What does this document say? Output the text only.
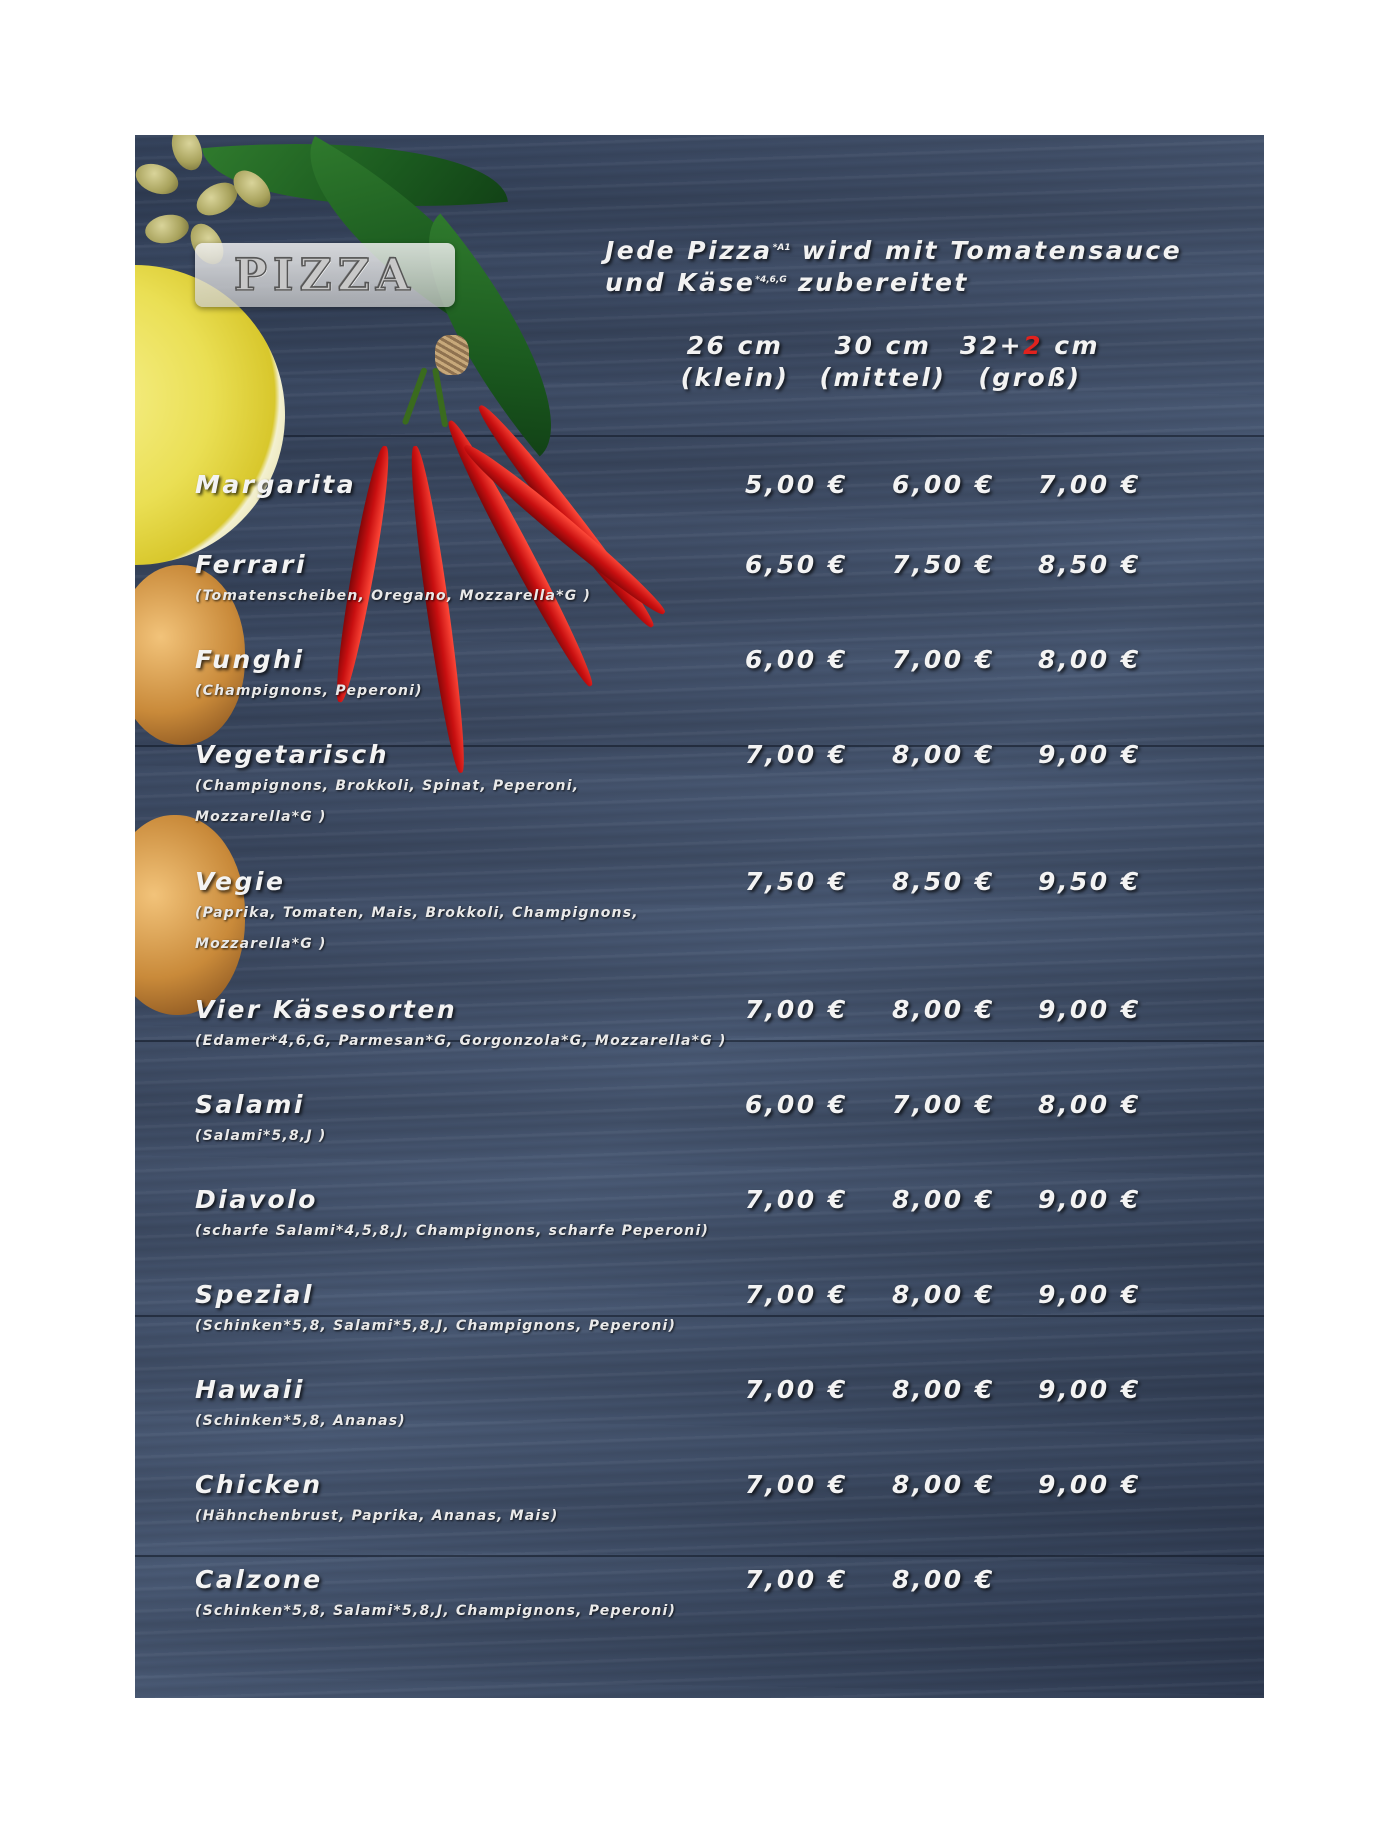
PIZZA	Jede Pizza$^{*A1}$ wird mit Tomatensauce
und Käse$^{*4,6,G}$ zubereitet
26 cm
(klein)
30 cm
(mittel)
32+2 cm
(groß)
Margarita	5,00 € 6,00 € 7,00 €
Ferrari
(Tomatenscheiben, Oregano, Mozzarella*G )
6,50 € 7,50 € 8,50 €
Funghi
(Champignons, Peperoni)
6,00 € 7,00 € 8,00 €
Vegetarisch
(Champignons, Brokkoli, Spinat, Peperoni,
Mozzarella*G )
7,00 € 8,00 € 9,00 €
Vegie
(Paprika, Tomaten, Mais, Brokkoli, Champignons,
Mozzarella*G )
7,50 € 8,50 € 9,50 €
Vier Käsesorten
(Edamer*4,6,G, Parmesan*G, Gorgonzola*G, Mozzarella*G )
7,00 € 8,00 € 9,00 €
Salami
(Salami*5,8,J )
6,00 € 7,00 € 8,00 €
Diavolo
(scharfe Salami*4,5,8,J, Champignons, scharfe Peperoni)
7,00 € 8,00 € 9,00 €
Spezial
(Schinken*5,8, Salami*5,8,J, Champignons, Peperoni)
7,00 € 8,00 € 9,00 €
Hawaii
(Schinken*5,8, Ananas)
7,00 € 8,00 € 9,00 €
Chicken
(Hähnchenbrust, Paprika, Ananas, Mais)
7,00 € 8,00 € 9,00 €
Calzone
(Schinken*5,8, Salami*5,8,J, Champignons, Peperoni)
7,00 € 8,00 €
